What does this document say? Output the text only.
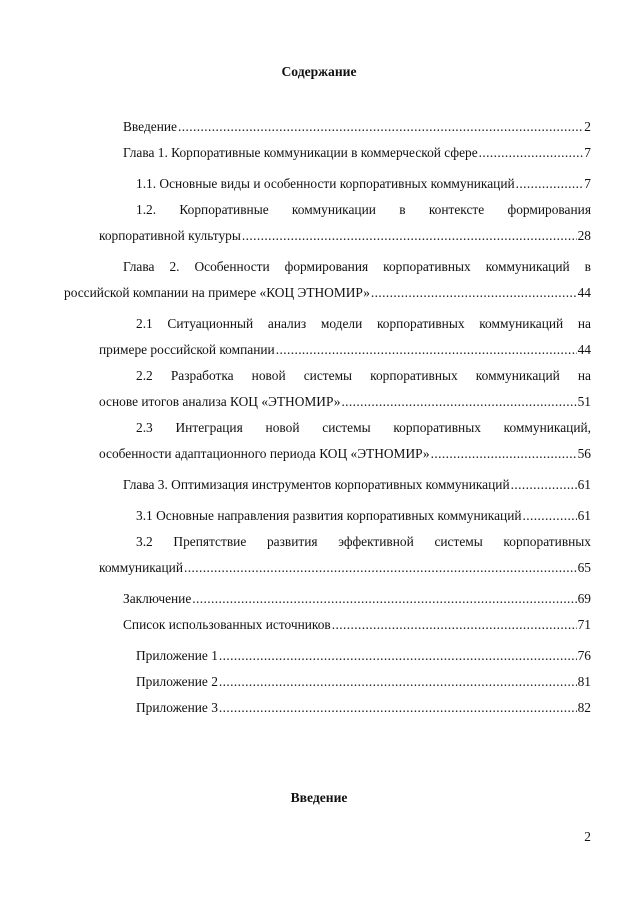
Содержание
Введение .....	2
Глава 1. Корпоративные коммуникации в коммерческой сфере .....	7
1.1. Основные виды и особенности корпоративных коммуникаций .....	7
1.2. Корпоративные коммуникации в контексте формирования
корпоративной культуры .....	28
Глава 2. Особенности формирования корпоративных коммуникаций в
российской компании на примере «КОЦ ЭТНОМИР» .....	44
2.1 Ситуационный анализ модели корпоративных коммуникаций на
примере российской компании .....	44
2.2 Разработка новой системы корпоративных коммуникаций на
основе итогов анализа КОЦ «ЭТНОМИР» .....	51
2.3 Интеграция новой системы корпоративных коммуникаций,
особенности адаптационного периода КОЦ «ЭТНОМИР» .....	56
Глава 3. Оптимизация инструментов корпоративных коммуникаций .....	61
3.1 Основные направления развития корпоративных коммуникаций .....	61
3.2 Препятствие развития эффективной системы корпоративных
коммуникаций .....	65
Заключение .....	69
Список использованных источников .....	71
Приложение 1 .....	76
Приложение 2 .....	81
Приложение 3 .....	82
Введение
2
